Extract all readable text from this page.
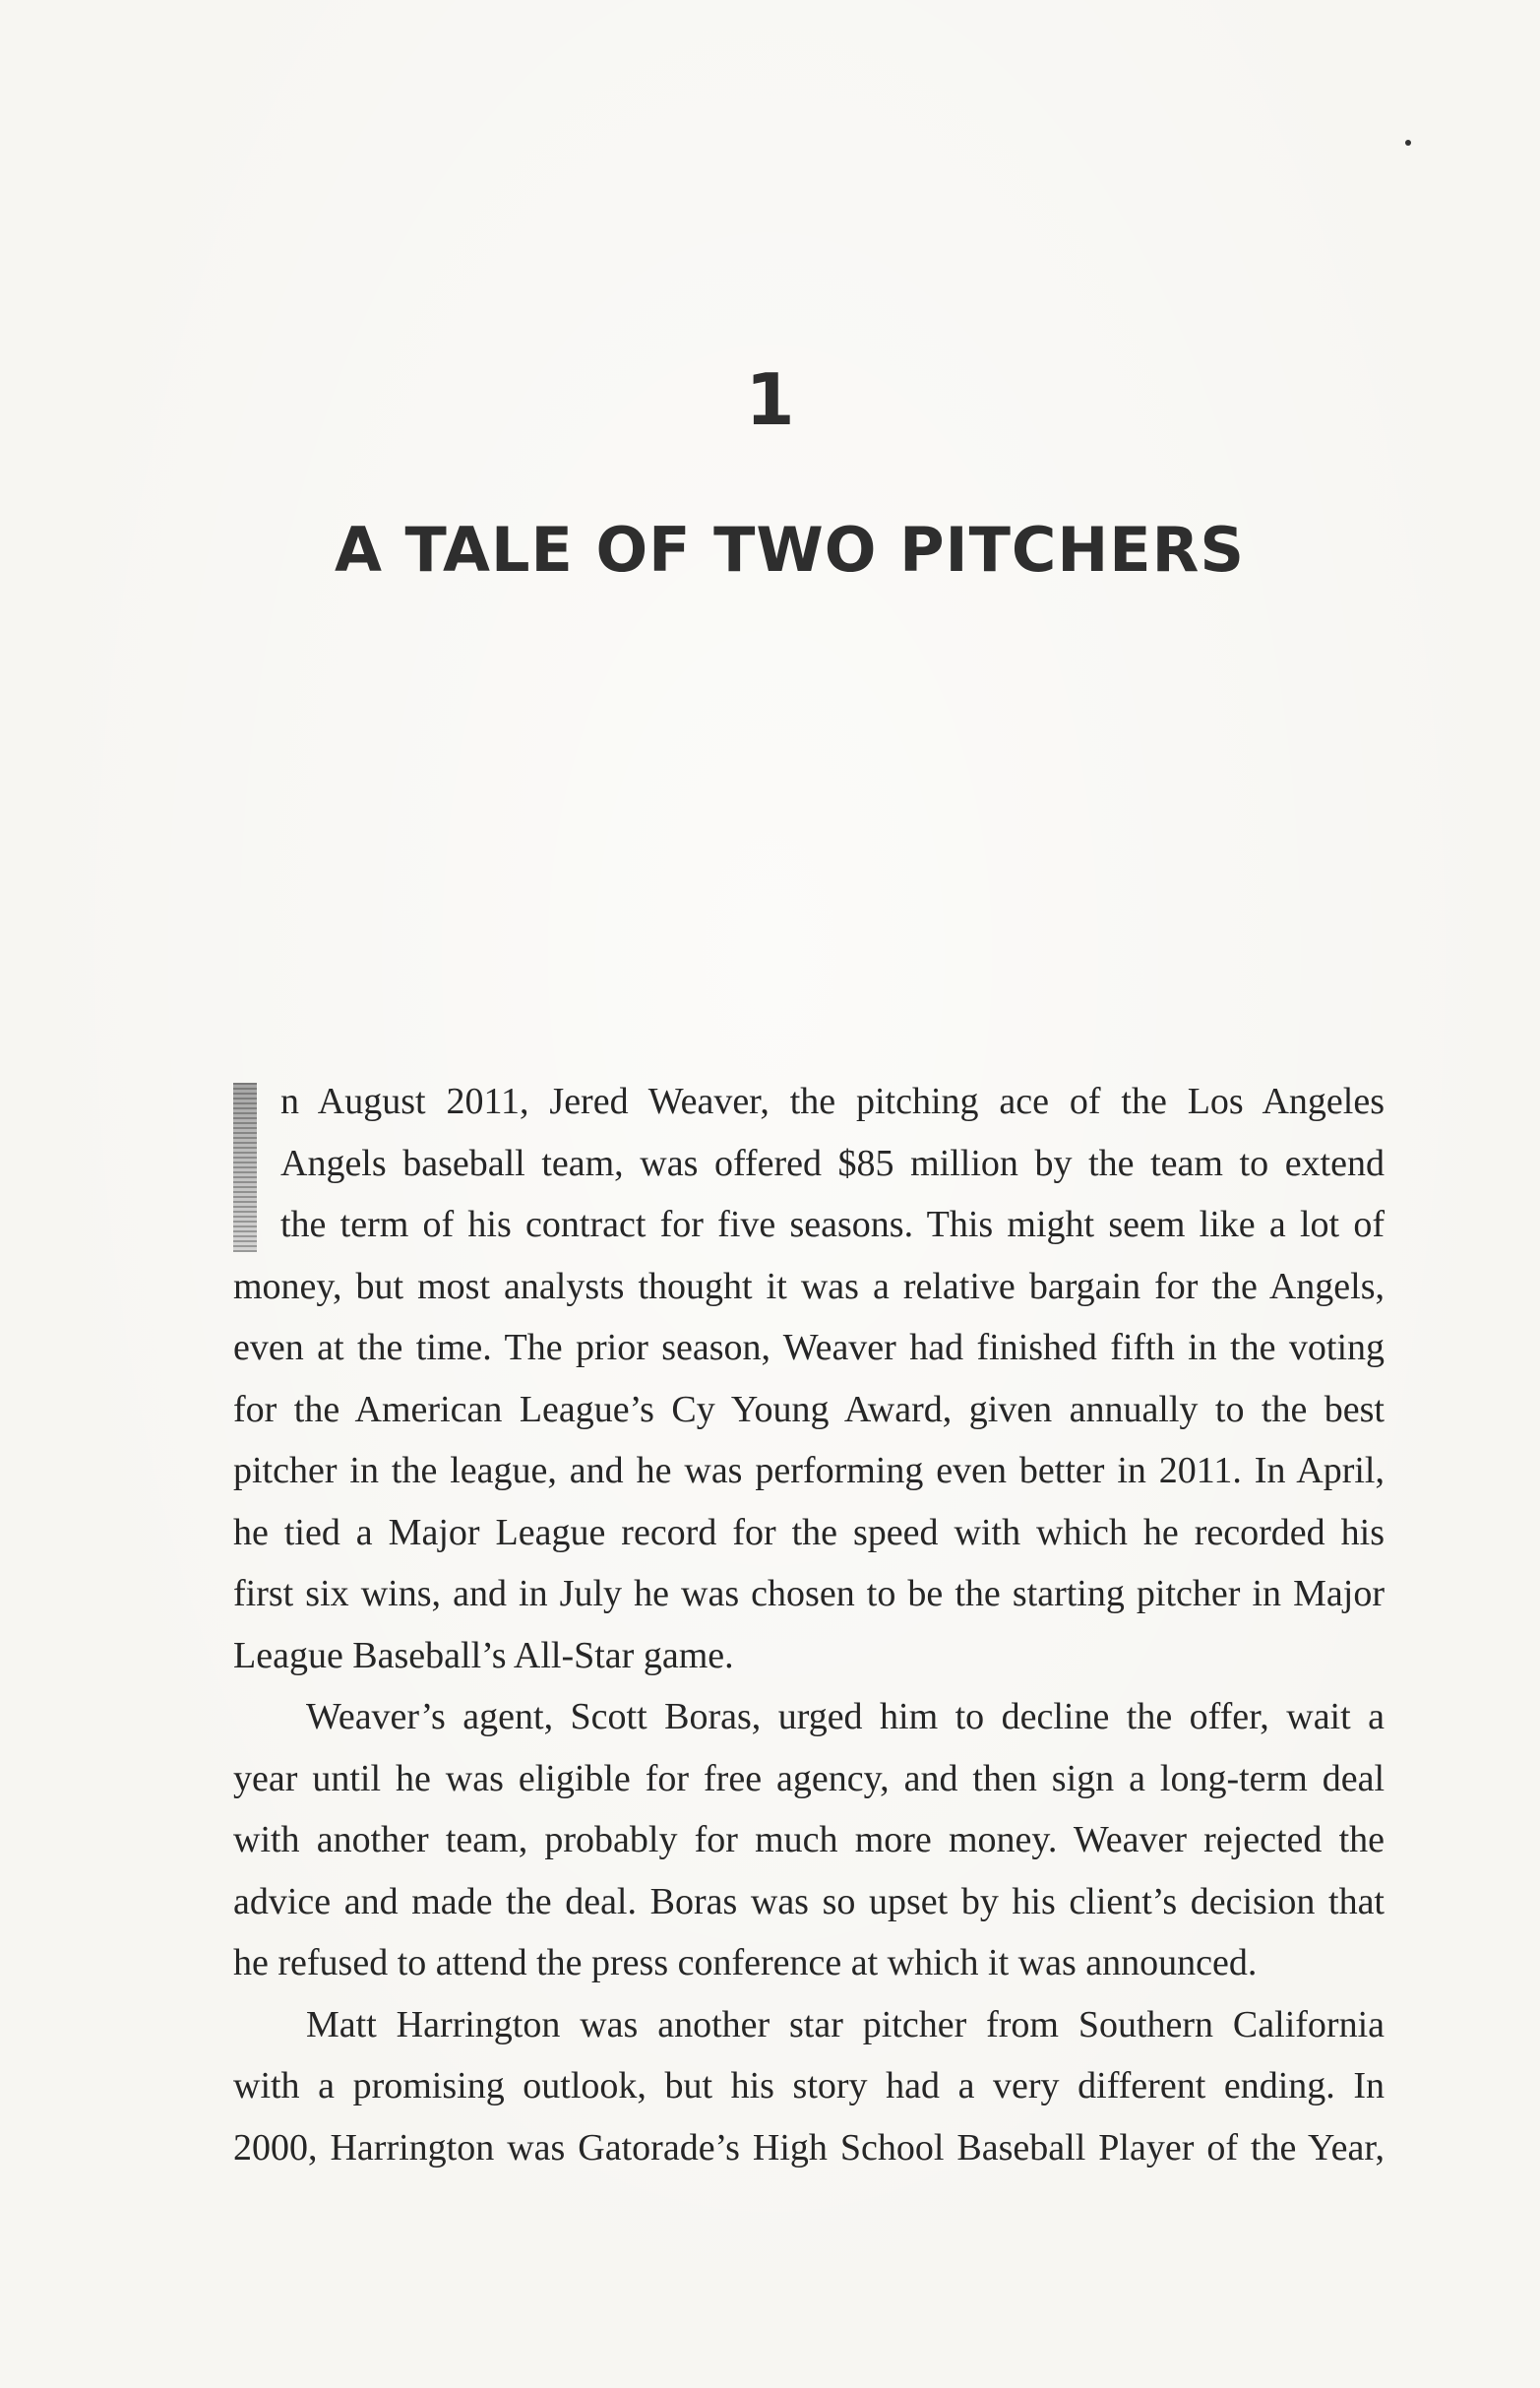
1
A TALE OF TWO PITCHERS
n August 2011, Jered Weaver, the pitching ace of the Los Angeles
Angels baseball team, was offered $85 million by the team to extend
the term of his contract for five seasons. This might seem like a lot of
money, but most analysts thought it was a relative bargain for the Angels,
even at the time. The prior season, Weaver had finished fifth in the voting
for the American League’s Cy Young Award, given annually to the best
pitcher in the league, and he was performing even better in 2011. In April,
he tied a Major League record for the speed with which he recorded his
first six wins, and in July he was chosen to be the starting pitcher in Major
League Baseball’s All-Star game.
Weaver’s agent, Scott Boras, urged him to decline the offer, wait a
year until he was eligible for free agency, and then sign a long-term deal
with another team, probably for much more money. Weaver rejected the
advice and made the deal. Boras was so upset by his client’s decision that
he refused to attend the press conference at which it was announced.
Matt Harrington was another star pitcher from Southern California
with a promising outlook, but his story had a very different ending. In
2000, Harrington was Gatorade’s High School Baseball Player of the Year,
